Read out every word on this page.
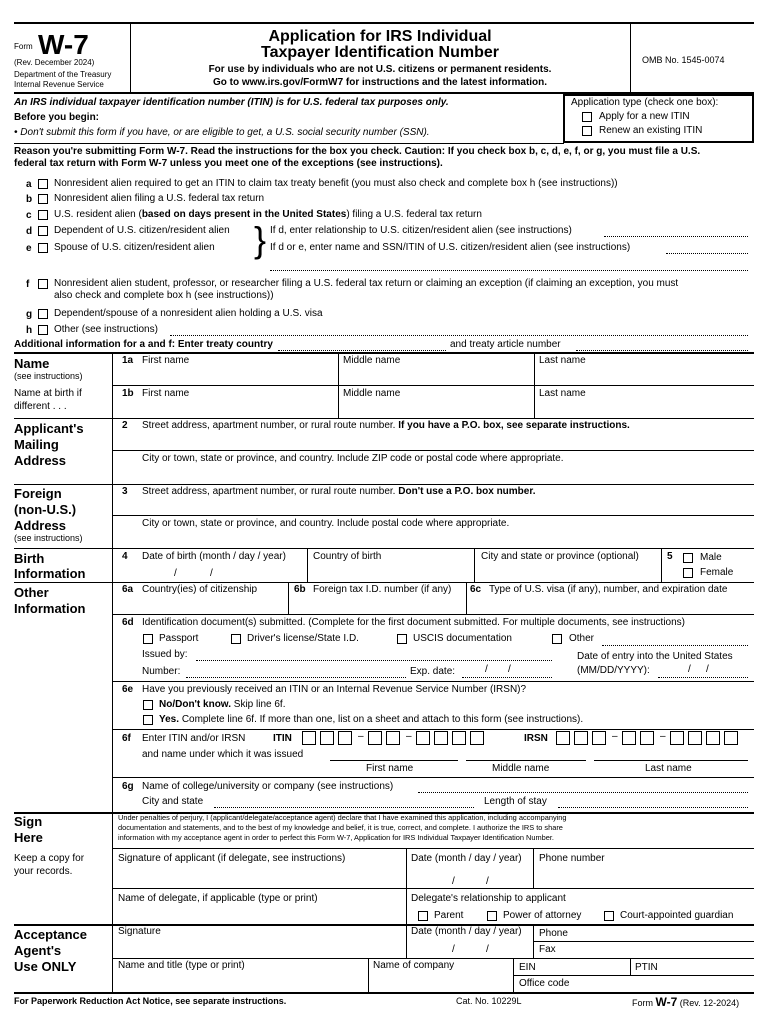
Form W-7
(Rev. December 2024)
Department of the Treasury
Internal Revenue Service
Application for IRS Individual
Taxpayer Identification Number
For use by individuals who are not U.S. citizens or permanent residents.
Go to www.irs.gov/FormW7 for instructions and the latest information.
OMB No. 1545-0074
An IRS individual taxpayer identification number (ITIN) is for U.S. federal tax purposes only.
Before you begin:
• Don't submit this form if you have, or are eligible to get, a U.S. social security number (SSN).
Application type (check one box):
Apply for a new ITIN
Renew an existing ITIN
Reason you're submitting Form W-7. Read the instructions for the box you check. Caution: If you check box b, c, d, e, f, or g, you must file a U.S.
federal tax return with Form W-7 unless you meet one of the exceptions (see instructions).
a Nonresident alien required to get an ITIN to claim tax treaty benefit (you must also check and complete box h (see instructions))
b Nonresident alien filing a U.S. federal tax return
c U.S. resident alien (based on days present in the United States) filing a U.S. federal tax return
d Dependent of U.S. citizen/resident alien
e Spouse of U.S. citizen/resident alien } If d, enter relationship to U.S. citizen/resident alien (see instructions)
If d or e, enter name and SSN/ITIN of U.S. citizen/resident alien (see instructions)
f Nonresident alien student, professor, or researcher filing a U.S. federal tax return or claiming an exception (if claiming an exception, you must
also check and complete box h (see instructions))
g Dependent/spouse of a nonresident alien holding a U.S. visa
h Other (see instructions)
Additional information for a and f: Enter treaty country	and treaty article number
Name
(see instructions)
1a First name	Middle name	Last name
Name at birth if
different . . .
1b First name	Middle name	Last name
Applicant's
Mailing
Address
2 Street address, apartment number, or rural route number. If you have a P.O. box, see separate instructions.
City or town, state or province, and country. Include ZIP code or postal code where appropriate.
Foreign
(non-U.S.)
Address
(see instructions)
3 Street address, apartment number, or rural route number. Don't use a P.O. box number.
City or town, state or province, and country. Include postal code where appropriate.
Birth
Information
4 Date of birth (month / day / year)
/	/
Country of birth	City and state or province (optional)	5	Male
Female
Other
Information
6a Country(ies) of citizenship	6b Foreign tax I.D. number (if any) 6c Type of U.S. visa (if any), number, and expiration date
6d Identification document(s) submitted. (Complete for the first document submitted. For multiple documents, see instructions)
Passport	Driver's license/State I.D.	USCIS documentation	Other
Issued by:	Date of entry into the United States
Number:	Exp. date:	/ /	(MM/DD/YYYY):	/ /
6e Have you previously received an ITIN or an Internal Revenue Service Number (IRSN)?
No/Don't know. Skip line 6f.
Yes. Complete line 6f. If more than one, list on a sheet and attach to this form (see instructions).
6f Enter ITIN and/or IRSN	ITIN	–	–	IRSN	–	–
and name under which it was issued
First name	Middle name	Last name
6g Name of college/university or company (see instructions)
City and state	Length of stay
Sign
Here
Keep a copy for
your records.
Under penalties of perjury, I (applicant/delegate/acceptance agent) declare that I have examined this application, including accompanying
documentation and statements, and to the best of my knowledge and belief, it is true, correct, and complete. I authorize the IRS to share
information with my acceptance agent in order to perfect this Form W-7, Application for IRS Individual Taxpayer Identification Number.
Signature of applicant (if delegate, see instructions)	Date (month / day / year)
/	/
Phone number
Name of delegate, if applicable (type or print)	Delegate's relationship to applicant
Parent	Power of attorney	Court-appointed guardian
Acceptance
Agent's
Use ONLY
Signature	Date (month / day / year)
/	/
Phone
Fax
Name and title (type or print)	Name of company	EIN	PTIN
Office code
For Paperwork Reduction Act Notice, see separate instructions.	Cat. No. 10229L	Form W-7 (Rev. 12-2024)
